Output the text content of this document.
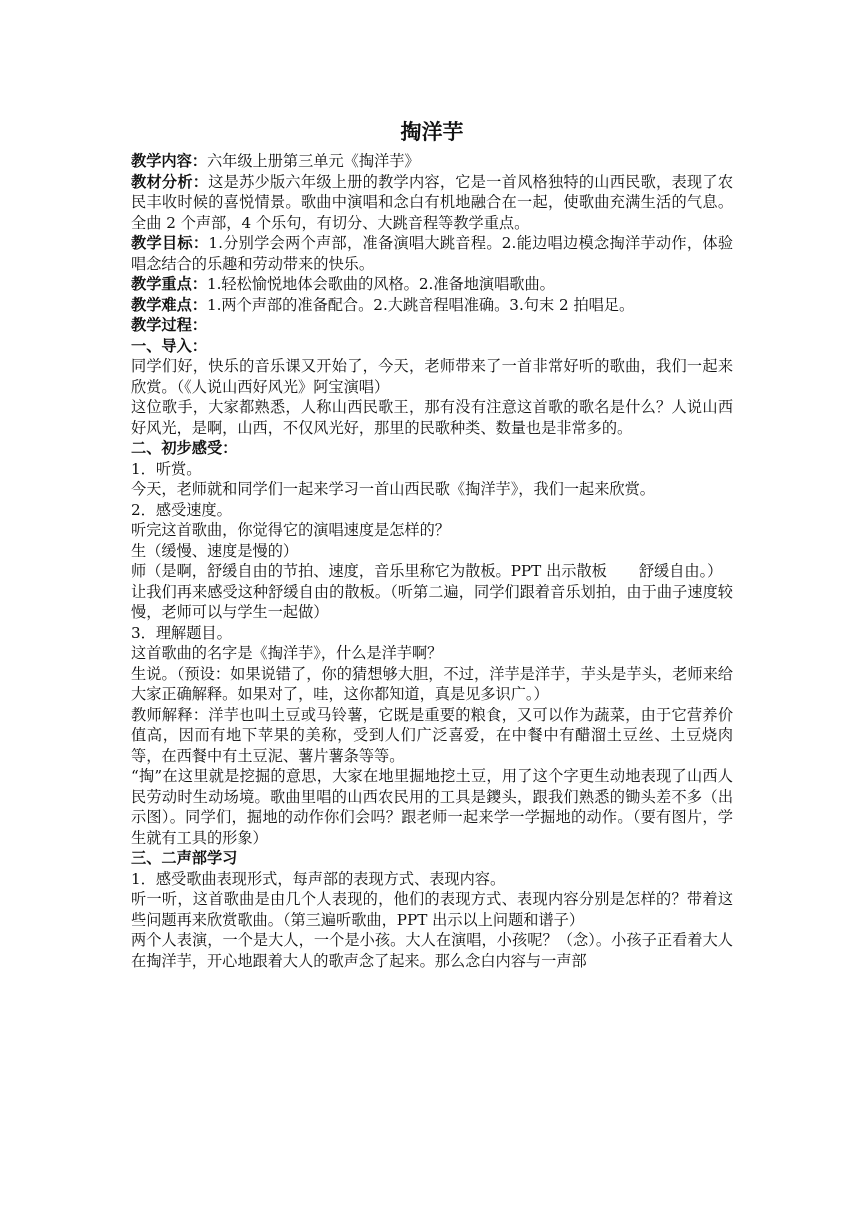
掏洋芋

教学内容：六年级上册第三单元《掏洋芋》

教材分析：这是苏少版六年级上册的教学内容，它是一首风格独特的山西民歌，表现了农民丰收时候的喜悦情景。歌曲中演唱和念白有机地融合在一起，使歌曲充满生活的气息。全曲 2 个声部，4 个乐句，有切分、大跳音程等教学重点。

教学目标：1.分别学会两个声部，准备演唱大跳音程。2.能边唱边模念掏洋芋动作，体验唱念结合的乐趣和劳动带来的快乐。

教学重点：1.轻松愉悦地体会歌曲的风格。2.准备地演唱歌曲。

教学难点：1.两个声部的准备配合。2.大跳音程唱准确。3.句末 2 拍唱足。

教学过程：

一、导入：

同学们好，快乐的音乐课又开始了，今天，老师带来了一首非常好听的歌曲，我们一起来欣赏。（《人说山西好风光》阿宝演唱）

这位歌手，大家都熟悉，人称山西民歌王，那有没有注意这首歌的歌名是什么？人说山西好风光，是啊，山西，不仅风光好，那里的民歌种类、数量也是非常多的。

二、初步感受：

1．听赏。

今天，老师就和同学们一起来学习一首山西民歌《掏洋芋》，我们一起来欣赏。

2．感受速度。

听完这首歌曲，你觉得它的演唱速度是怎样的？

生（缓慢、速度是慢的）

师（是啊，舒缓自由的节拍、速度，音乐里称它为散板。PPT 出示散板 舒缓自由。）

让我们再来感受这种舒缓自由的散板。（听第二遍，同学们跟着音乐划拍，由于曲子速度较慢，老师可以与学生一起做）

3．理解题目。

这首歌曲的名字是《掏洋芋》，什么是洋芋啊？

生说。（预设：如果说错了，你的猜想够大胆，不过，洋芋是洋芋，芋头是芋头，老师来给大家正确解释。如果对了，哇，这你都知道，真是见多识广。）

教师解释：洋芋也叫土豆或马铃薯，它既是重要的粮食，又可以作为蔬菜，由于它营养价值高，因而有地下苹果的美称，受到人们广泛喜爱，在中餐中有醋溜土豆丝、土豆烧肉等，在西餐中有土豆泥、薯片薯条等等。

“掏”在这里就是挖掘的意思，大家在地里掘地挖土豆，用了这个字更生动地表现了山西人民劳动时生动场境。歌曲里唱的山西农民用的工具是鑁头，跟我们熟悉的锄头差不多（出示图）。同学们，掘地的动作你们会吗？跟老师一起来学一学掘地的动作。（要有图片，学生就有工具的形象）

三、二声部学习

1．感受歌曲表现形式，每声部的表现方式、表现内容。

听一听，这首歌曲是由几个人表现的，他们的表现方式、表现内容分别是怎样的？带着这些问题再来欣赏歌曲。（第三遍听歌曲，PPT 出示以上问题和谱子）

两个人表演，一个是大人，一个是小孩。大人在演唱，小孩呢？（念）。小孩子正看着大人在掏洋芋，开心地跟着大人的歌声念了起来。那么念白内容与一声部
